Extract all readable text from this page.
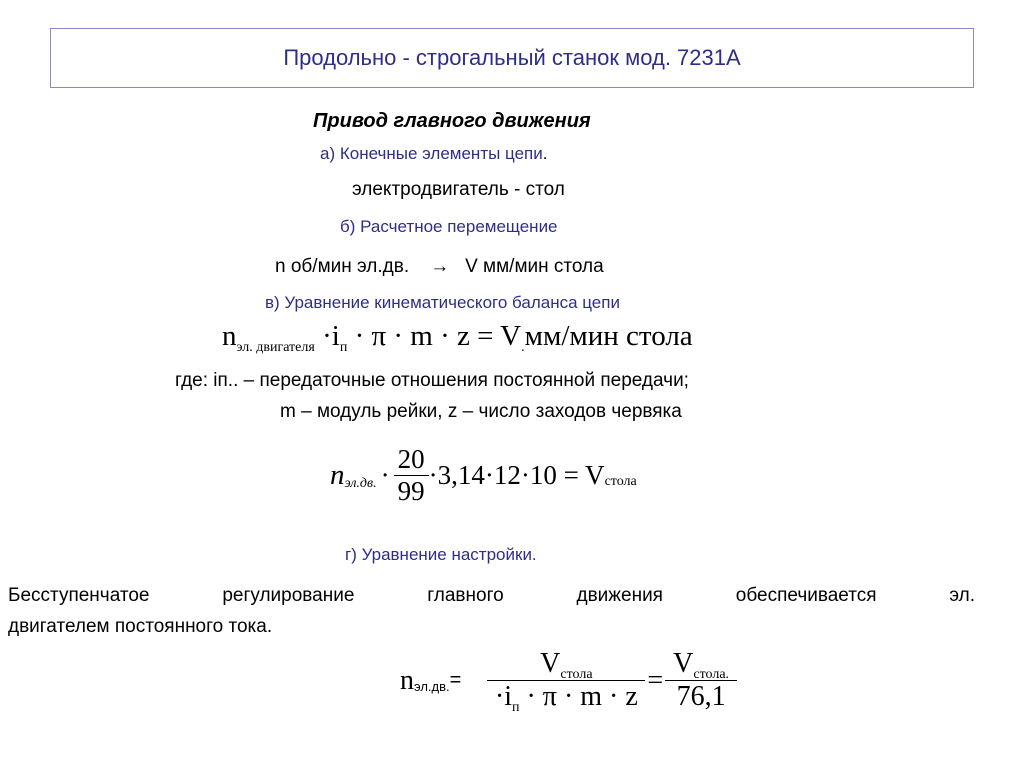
Продольно - строгальный станок мод. 7231А
Привод главного движения
а) Конечные элементы цепи.
электродвигатель - стол
б) Расчетное перемещение
n об/мин эл.дв. → V мм/мин стола
в) Уравнение кинематического баланса цепи
$n_{эл. двигателя} \cdot i_п \cdot \pi \cdot m \cdot z = V_.мм/мин$ стола
где: iп.. – передаточные отношения постоянной передачи;
m – модуль рейки, z – число заходов червяка
n эл.дв. · $\frac{20}{99} \cdot 3,14\cdot 12\cdot 10 = V$ стола
г) Уравнение настройки.
Бесступенчатое регулирование главного движения обеспечивается эл.
двигателем постоянного тока.
n эл.дв. = $\frac{V_{стола}}{\cdot i_п \cdot \pi \cdot m \cdot z} = \frac{V_{стола.}}{76,1}$
